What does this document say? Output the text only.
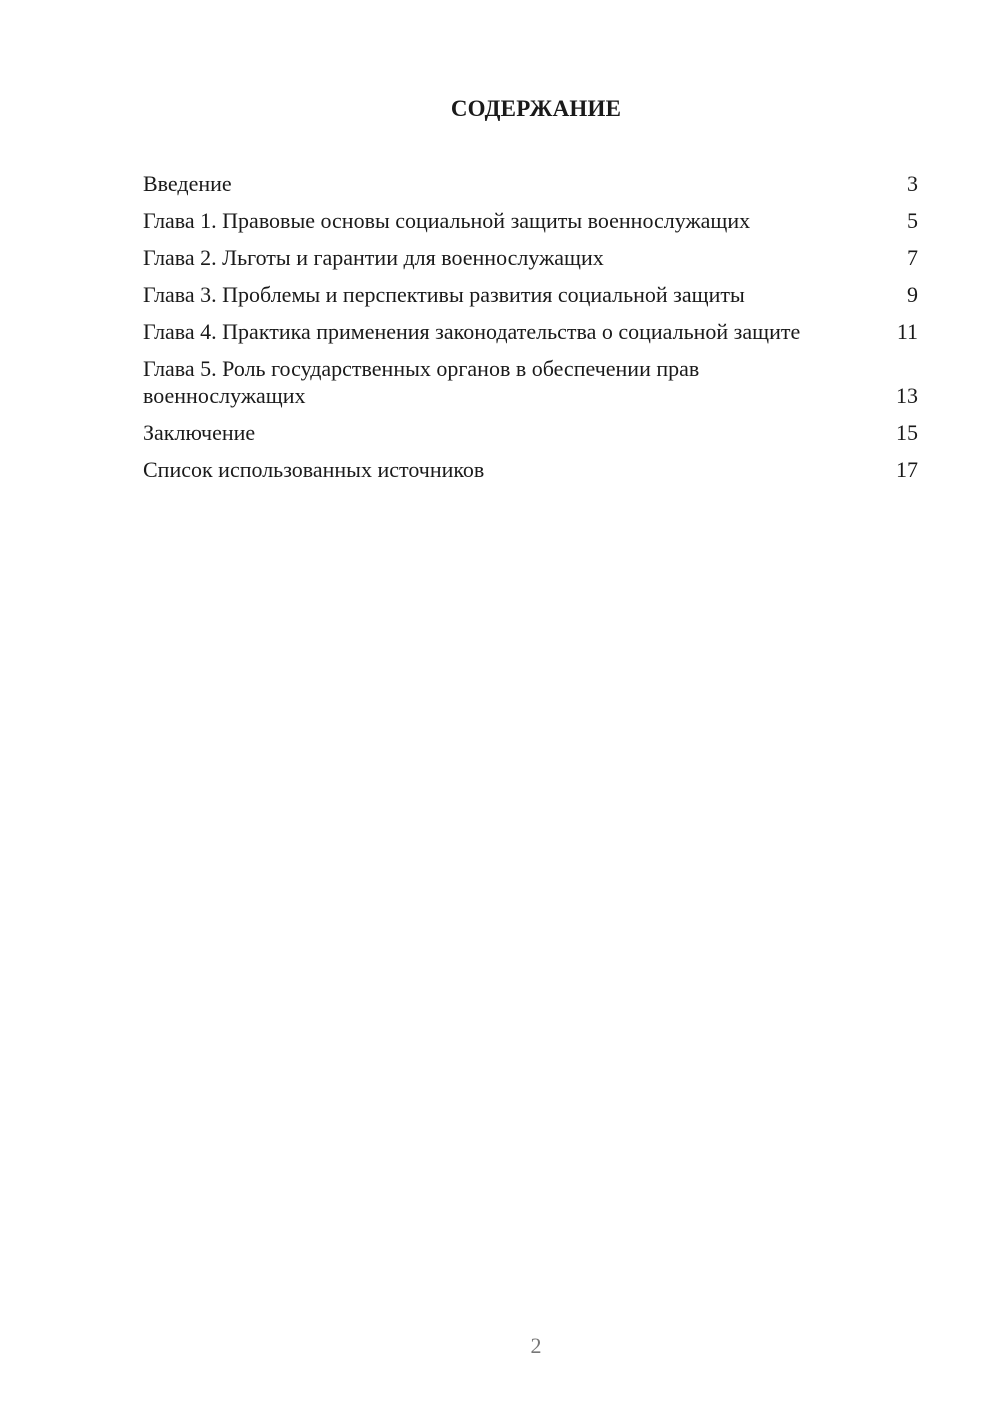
СОДЕРЖАНИЕ
Введение	3
Глава 1. Правовые основы социальной защиты военнослужащих	5
Глава 2. Льготы и гарантии для военнослужащих	7
Глава 3. Проблемы и перспективы развития социальной защиты	9
Глава 4. Практика применения законодательства о социальной защите	11
Глава 5. Роль государственных органов в обеспечении прав военнослужащих	13
Заключение	15
Список использованных источников	17
2
